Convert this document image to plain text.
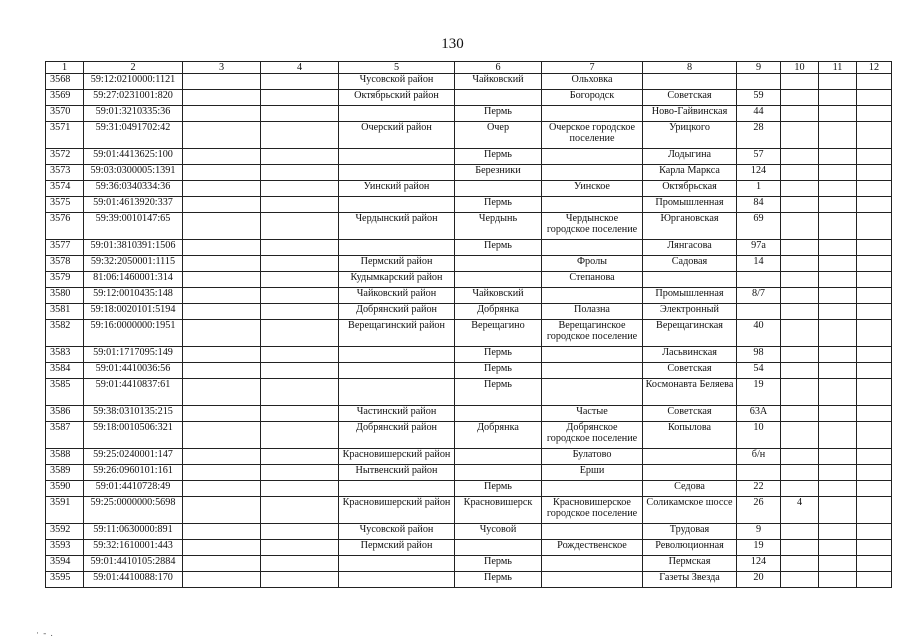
130
1	2	3	4	5	6	7	8	9	10	11	12
3568	59:12:0210000:1121			Чусовской район	Чайковский	Ольховка					
3569	59:27:0231001:820			Октябрьский район		Богородск	Советская	59			
3570	59:01:3210335:36				Пермь		Ново-Гайвинская	44			
3571	59:31:0491702:42			Очерский район	Очер	Очерское городское поселение	Урицкого	28			
3572	59:01:4413625:100				Пермь		Лодыгина	57			
3573	59:03:0300005:1391				Березники		Карла Маркса	124			
3574	59:36:0340334:36			Уинский район		Уинское	Октябрьская	1			
3575	59:01:4613920:337				Пермь		Промышленная	84			
3576	59:39:0010147:65			Чердынский район	Чердынь	Чердынское городское поселение	Юргановская	69			
3577	59:01:3810391:1506				Пермь		Лянгасова	97а			
3578	59:32:2050001:1115			Пермский район		Фролы	Садовая	14			
3579	81:06:1460001:314			Кудымкарский район		Степанова					
3580	59:12:0010435:148			Чайковский район	Чайковский		Промышленная	8/7			
3581	59:18:0020101:5194			Добрянский район	Добрянка	Полазна	Электронный				
3582	59:16:0000000:1951			Верещагинский район	Верещагино	Верещагинское городское поселение	Верещагинская	40			
3583	59:01:1717095:149				Пермь		Ласьвинская	98			
3584	59:01:4410036:56				Пермь		Советская	54			
3585	59:01:4410837:61				Пермь		Космонавта Беляева	19			
3586	59:38:0310135:215			Частинский район		Частые	Советская	63А			
3587	59:18:0010506:321			Добрянский район	Добрянка	Добрянское городское поселение	Копылова	10			
3588	59:25:0240001:147			Красновишерский район		Булатово		б/н			
3589	59:26:0960101:161			Нытвенский район		Ерши					
3590	59:01:4410728:49				Пермь		Седова	22			
3591	59:25:0000000:5698			Красновишерский район	Красновишерск	Красновишерское городское поселение	Соликамское шоссе	26	4		
3592	59:11:0630000:891			Чусовской район	Чусовой		Трудовая	9			
3593	59:32:1610001:443			Пермский район		Рождественское	Революционная	19			
3594	59:01:4410105:2884				Пермь		Пермская	124			
3595	59:01:4410088:170				Пермь		Газеты Звезда	20			
· - .
